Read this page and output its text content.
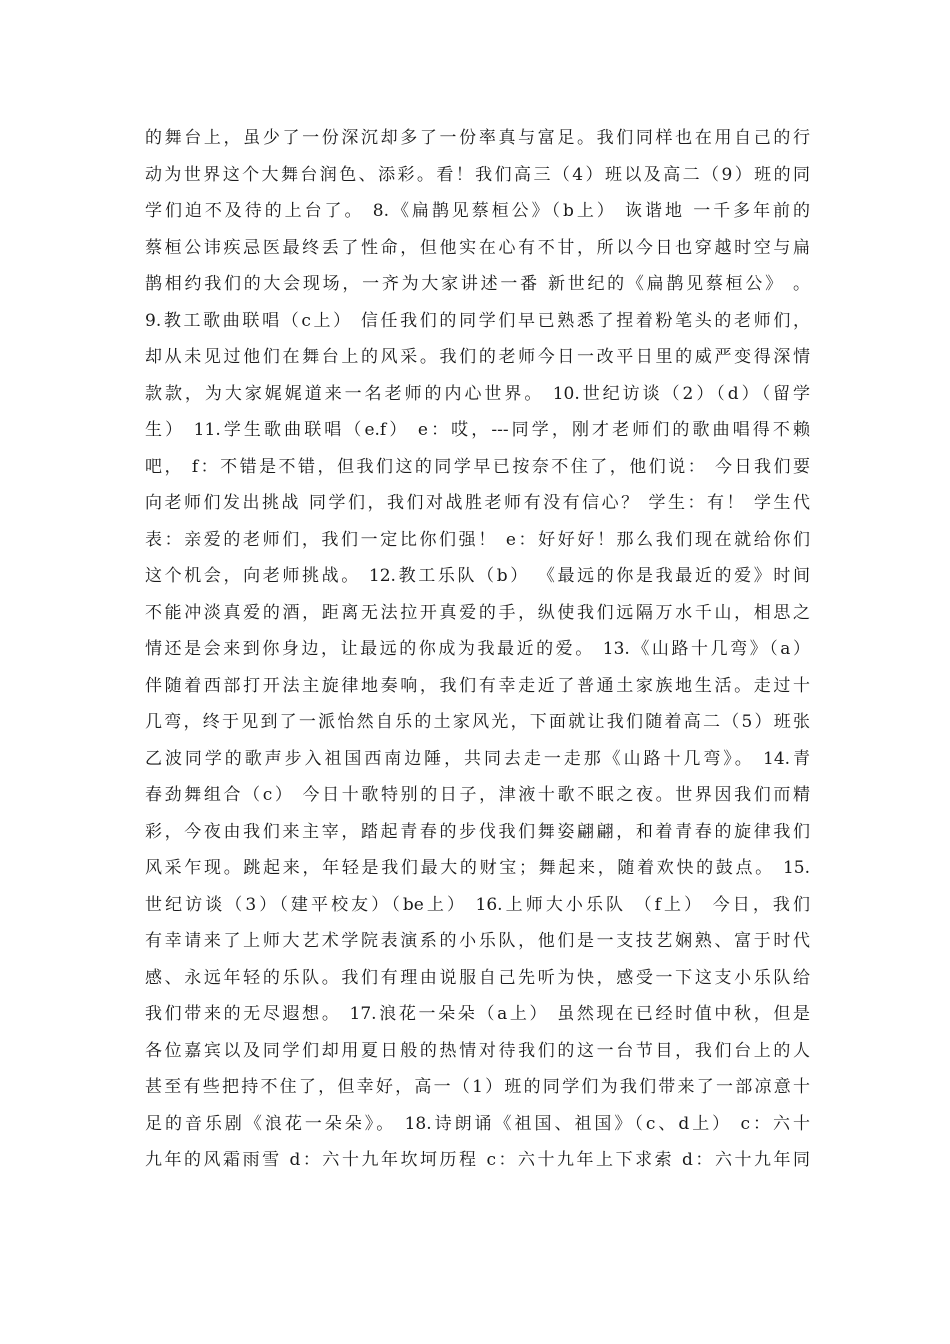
的舞台上，虽少了一份深沉却多了一份率真与富足。我们同样也在用自己的行
动为世界这个大舞台润色、添彩。看！我们高三（4）班以及高二（9）班的同
学们迫不及待的上台了。 8.《扁鹊见蔡桓公》（b上） 诙谐地 一千多年前的
蔡桓公讳疾忌医最终丢了性命，但他实在心有不甘，所以今日也穿越时空与扁
鹊相约我们的大会现场，一齐为大家讲述一番 新世纪的《扁鹊见蔡桓公》 。
9.教工歌曲联唱（c上） 信任我们的同学们早已熟悉了捏着粉笔头的老师们，
却从未见过他们在舞台上的风采。我们的老师今日一改平日里的威严变得深情
款款，为大家娓娓道来一名老师的内心世界。 10.世纪访谈（2）（d）（留学
生） 11.学生歌曲联唱（e.f） e：哎，---同学，刚才老师们的歌曲唱得不赖
吧， f：不错是不错，但我们这的同学早已按奈不住了，他们说： 今日我们要
向老师们发出挑战 同学们，我们对战胜老师有没有信心？ 学生：有！ 学生代
表：亲爱的老师们，我们一定比你们强！ e：好好好！那么我们现在就给你们
这个机会，向老师挑战。 12.教工乐队（b） 《最远的你是我最近的爱》时间
不能冲淡真爱的酒，距离无法拉开真爱的手，纵使我们远隔万水千山，相思之
情还是会来到你身边，让最远的你成为我最近的爱。 13.《山路十几弯》（a）
伴随着西部打开法主旋律地奏响，我们有幸走近了普通土家族地生活。走过十
几弯，终于见到了一派怡然自乐的土家风光，下面就让我们随着高二（5）班张
乙波同学的歌声步入祖国西南边陲，共同去走一走那《山路十几弯》。 14.青
春劲舞组合（c） 今日十歌特别的日子，津液十歌不眠之夜。世界因我们而精
彩，今夜由我们来主宰，踏起青春的步伐我们舞姿翩翩，和着青春的旋律我们
风采乍现。跳起来，年轻是我们最大的财宝；舞起来，随着欢快的鼓点。 15.
世纪访谈（3）（建平校友）（be上） 16.上师大小乐队 （f上） 今日，我们
有幸请来了上师大艺术学院表演系的小乐队，他们是一支技艺娴熟、富于时代
感、永远年轻的乐队。我们有理由说服自己先听为快，感受一下这支小乐队给
我们带来的无尽遐想。 17.浪花一朵朵（a上） 虽然现在已经时值中秋，但是
各位嘉宾以及同学们却用夏日般的热情对待我们的这一台节目，我们台上的人
甚至有些把持不住了，但幸好，高一（1）班的同学们为我们带来了一部凉意十
足的音乐剧《浪花一朵朵》。 18.诗朗诵《祖国、祖国》（c、d上） c：六十
九年的风霜雨雪 d：六十九年坎坷历程 c：六十九年上下求索 d：六十九年同
